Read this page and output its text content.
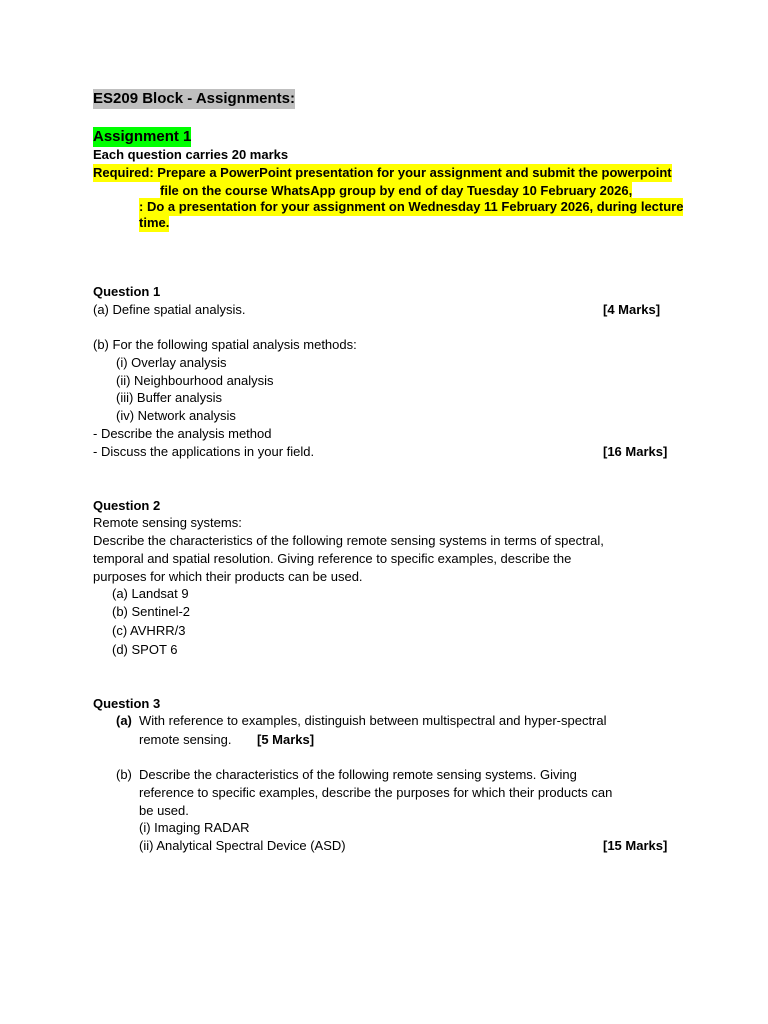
ES209 Block - Assignments:
Assignment 1
Each question carries 20 marks
Required: Prepare a PowerPoint presentation for your assignment and submit the powerpoint
file on the course WhatsApp group by end of day Tuesday 10 February 2026,
: Do a presentation for your assignment on Wednesday 11 February 2026, during lecture
time.
Question 1
(a) Define spatial analysis.	[4 Marks]
(b) For the following spatial analysis methods:
(i) Overlay analysis
(ii) Neighbourhood analysis
(iii) Buffer analysis
(iv) Network analysis
- Describe the analysis method
- Discuss the applications in your field.	[16 Marks]
Question 2
Remote sensing systems:
Describe the characteristics of the following remote sensing systems in terms of spectral,
temporal and spatial resolution. Giving reference to specific examples, describe the
purposes for which their products can be used.
(a) Landsat 9
(b) Sentinel-2
(c) AVHRR/3
(d) SPOT 6
Question 3
(a) With reference to examples, distinguish between multispectral and hyper-spectral
remote sensing. [5 Marks]
(b) Describe the characteristics of the following remote sensing systems. Giving
reference to specific examples, describe the purposes for which their products can
be used.
(i) Imaging RADAR
(ii) Analytical Spectral Device (ASD)	[15 Marks]
